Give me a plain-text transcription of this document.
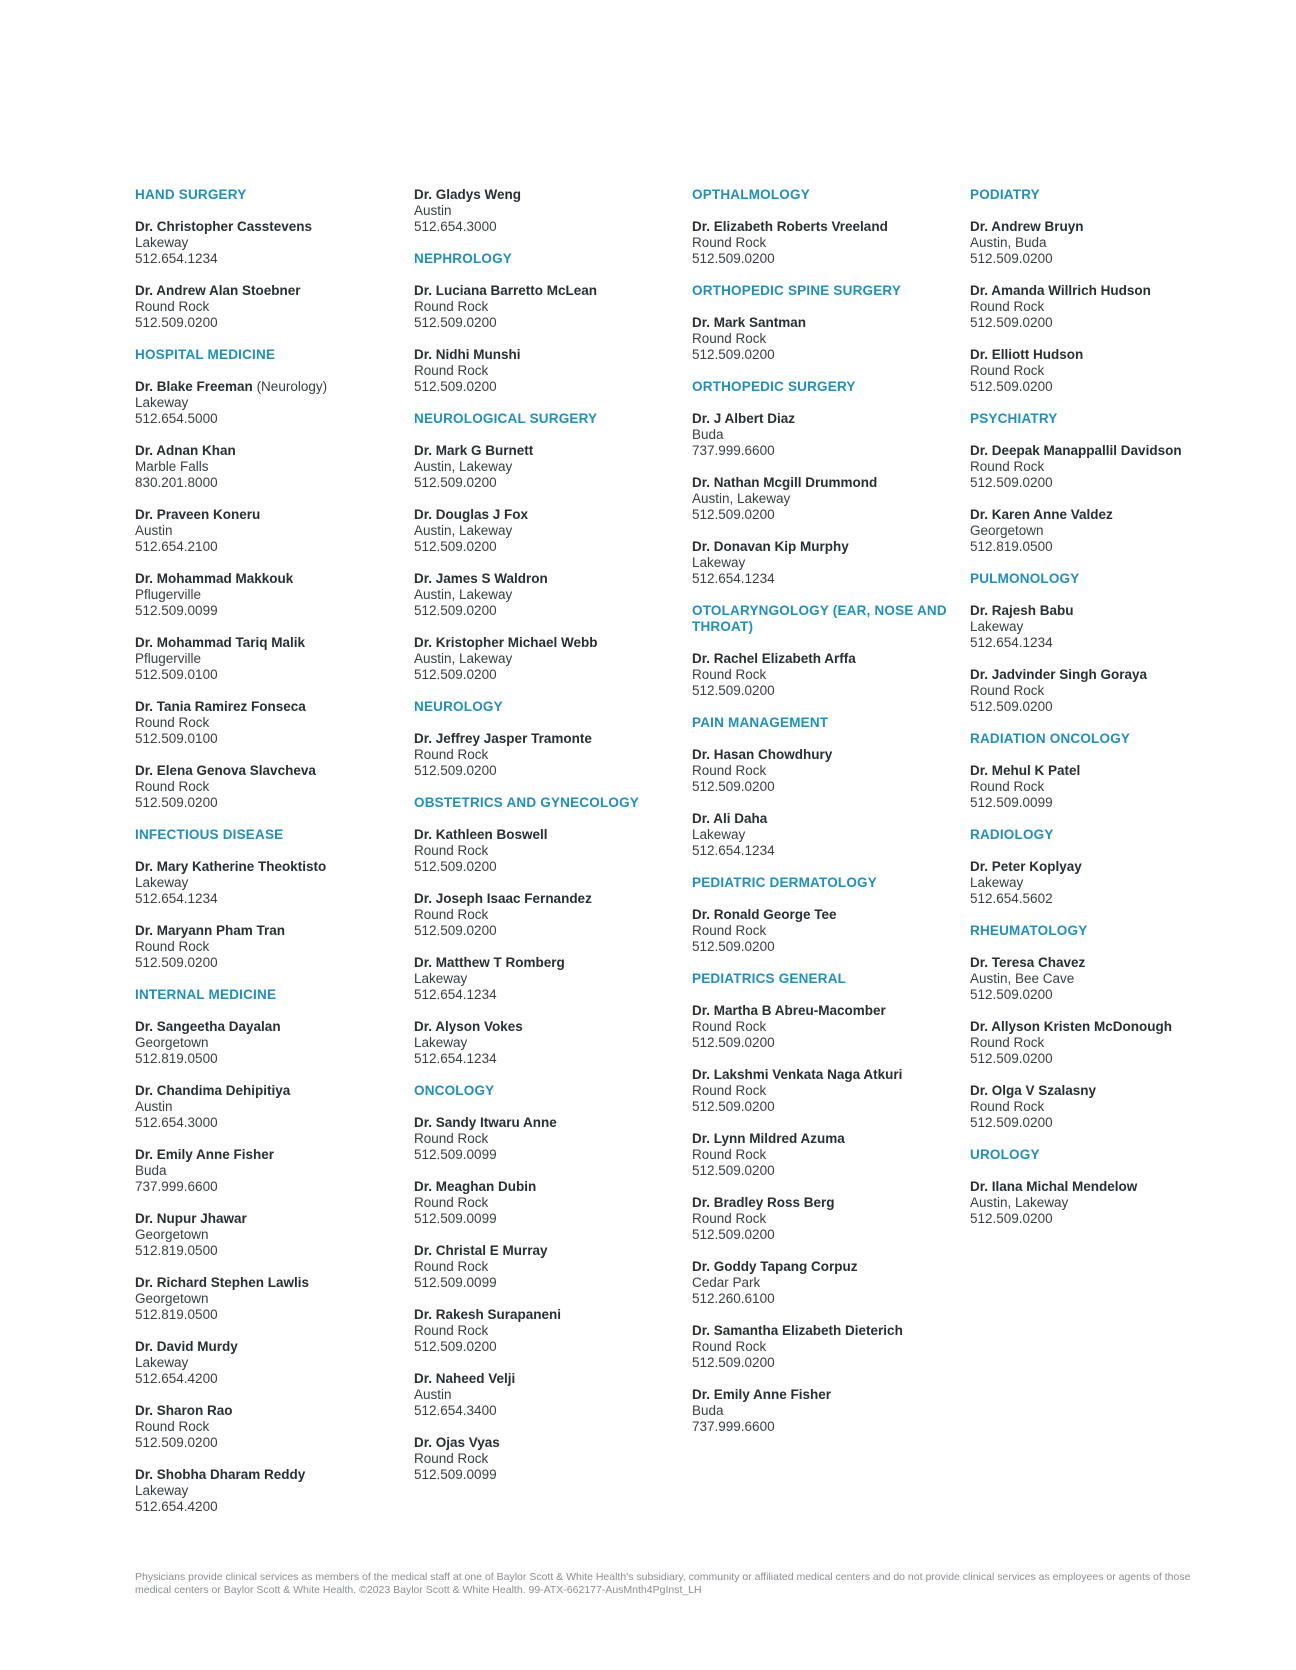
HAND SURGERY
Dr. Christopher Casstevens
Lakeway
512.654.1234
Dr. Andrew Alan Stoebner
Round Rock
512.509.0200
HOSPITAL MEDICINE
Dr. Blake Freeman (Neurology)
Lakeway
512.654.5000
Dr. Adnan Khan
Marble Falls
830.201.8000
Dr. Praveen Koneru
Austin
512.654.2100
Dr. Mohammad Makkouk
Pflugerville
512.509.0099
Dr. Mohammad Tariq Malik
Pflugerville
512.509.0100
Dr. Tania Ramirez Fonseca
Round Rock
512.509.0100
Dr. Elena Genova Slavcheva
Round Rock
512.509.0200
INFECTIOUS DISEASE
Dr. Mary Katherine Theoktisto
Lakeway
512.654.1234
Dr. Maryann Pham Tran
Round Rock
512.509.0200
INTERNAL MEDICINE
Dr. Sangeetha Dayalan
Georgetown
512.819.0500
Dr. Chandima Dehipitiya
Austin
512.654.3000
Dr. Emily Anne Fisher
Buda
737.999.6600
Dr. Nupur Jhawar
Georgetown
512.819.0500
Dr. Richard Stephen Lawlis
Georgetown
512.819.0500
Dr. David Murdy
Lakeway
512.654.4200
Dr. Sharon Rao
Round Rock
512.509.0200
Dr. Shobha Dharam Reddy
Lakeway
512.654.4200
Dr. Gladys Weng
Austin
512.654.3000
NEPHROLOGY
Dr. Luciana Barretto McLean
Round Rock
512.509.0200
Dr. Nidhi Munshi
Round Rock
512.509.0200
NEUROLOGICAL SURGERY
Dr. Mark G Burnett
Austin, Lakeway
512.509.0200
Dr. Douglas J Fox
Austin, Lakeway
512.509.0200
Dr. James S Waldron
Austin, Lakeway
512.509.0200
Dr. Kristopher Michael Webb
Austin, Lakeway
512.509.0200
NEUROLOGY
Dr. Jeffrey Jasper Tramonte
Round Rock
512.509.0200
OBSTETRICS AND GYNECOLOGY
Dr. Kathleen Boswell
Round Rock
512.509.0200
Dr. Joseph Isaac Fernandez
Round Rock
512.509.0200
Dr. Matthew T Romberg
Lakeway
512.654.1234
Dr. Alyson Vokes
Lakeway
512.654.1234
ONCOLOGY
Dr. Sandy Itwaru Anne
Round Rock
512.509.0099
Dr. Meaghan Dubin
Round Rock
512.509.0099
Dr. Christal E Murray
Round Rock
512.509.0099
Dr. Rakesh Surapaneni
Round Rock
512.509.0200
Dr. Naheed Velji
Austin
512.654.3400
Dr. Ojas Vyas
Round Rock
512.509.0099
OPTHALMOLOGY
Dr. Elizabeth Roberts Vreeland
Round Rock
512.509.0200
ORTHOPEDIC SPINE SURGERY
Dr. Mark Santman
Round Rock
512.509.0200
ORTHOPEDIC SURGERY
Dr. J Albert Diaz
Buda
737.999.6600
Dr. Nathan Mcgill Drummond
Austin, Lakeway
512.509.0200
Dr. Donavan Kip Murphy
Lakeway
512.654.1234
OTOLARYNGOLOGY (EAR, NOSE AND THROAT)
Dr. Rachel Elizabeth Arffa
Round Rock
512.509.0200
PAIN MANAGEMENT
Dr. Hasan Chowdhury
Round Rock
512.509.0200
Dr. Ali Daha
Lakeway
512.654.1234
PEDIATRIC DERMATOLOGY
Dr. Ronald George Tee
Round Rock
512.509.0200
PEDIATRICS GENERAL
Dr. Martha B Abreu-Macomber
Round Rock
512.509.0200
Dr. Lakshmi Venkata Naga Atkuri
Round Rock
512.509.0200
Dr. Lynn Mildred Azuma
Round Rock
512.509.0200
Dr. Bradley Ross Berg
Round Rock
512.509.0200
Dr. Goddy Tapang Corpuz
Cedar Park
512.260.6100
Dr. Samantha Elizabeth Dieterich
Round Rock
512.509.0200
Dr. Emily Anne Fisher
Buda
737.999.6600
PODIATRY
Dr. Andrew Bruyn
Austin, Buda
512.509.0200
Dr. Amanda Willrich Hudson
Round Rock
512.509.0200
Dr. Elliott Hudson
Round Rock
512.509.0200
PSYCHIATRY
Dr. Deepak Manappallil Davidson
Round Rock
512.509.0200
Dr. Karen Anne Valdez
Georgetown
512.819.0500
PULMONOLOGY
Dr. Rajesh Babu
Lakeway
512.654.1234
Dr. Jadvinder Singh Goraya
Round Rock
512.509.0200
RADIATION ONCOLOGY
Dr. Mehul K Patel
Round Rock
512.509.0099
RADIOLOGY
Dr. Peter Koplyay
Lakeway
512.654.5602
RHEUMATOLOGY
Dr. Teresa Chavez
Austin, Bee Cave
512.509.0200
Dr. Allyson Kristen McDonough
Round Rock
512.509.0200
Dr. Olga V Szalasny
Round Rock
512.509.0200
UROLOGY
Dr. Ilana Michal Mendelow
Austin, Lakeway
512.509.0200
Physicians provide clinical services as members of the medical staff at one of Baylor Scott & White Health's subsidiary, community or affiliated medical centers and do not provide clinical services as employees or agents of those medical centers or Baylor Scott & White Health. ©2023 Baylor Scott & White Health. 99-ATX-662177-AusMnth4PgInst_LH
